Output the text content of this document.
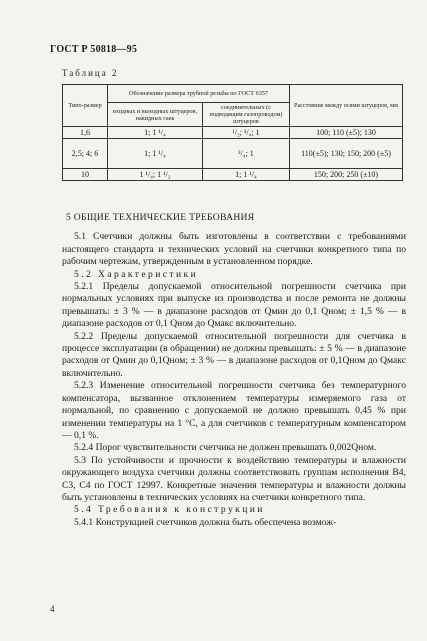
ГОСТ Р 50818—95
Таблица 2
Типо-размер	Обозначение размера трубной резьбы по ГОСТ 6357		Расстояние между осями штуцеров, мм
	входных и выходных штуцеров, накидных гаек	соединительных (с подводящим газопроводом) штуцеров	
1,6	1; 1 ¹/₄	¹/₂; ³/₄; 1	100; 110 (±5); 130
2,5; 4; 6	1; 1 ¹/₄	³/₄; 1	110(±5); 130; 150; 200 (±5)
10	1 ¹/₄; 1 ¹/₂	1; 1 ¹/₄	150; 200; 250 (±10)

5 ОБЩИЕ ТЕХНИЧЕСКИЕ ТРЕБОВАНИЯ

5.1 Счетчики должны быть изготовлены в соответствии с требованиями настоящего стандарта и технических условий на счетчики конкретного типа по рабочим чертежам, утвержденным в установленном порядке.

5.2 Характеристики

5.2.1 Пределы допускаемой относительной погрешности счетчика при нормальных условиях при выпуске из производства и после ремонта не должны превышать: ± 3 % — в диапазоне расходов от Qмин до 0,1 Qном; ± 1,5 % — в диапазоне расходов от 0,1 Qном до Qмакс включительно.

5.2.2 Пределы допускаемой относительной погрешности для счетчика в процессе эксплуатации (в обращении) не должны превышать: ± 5 % — в диапазоне расходов от Qмин до 0,1Qном; ± 3 % — в диапазоне расходов от 0,1Qном до Qмакс включительно.

5.2.3 Изменение относительной погрешности счетчика без температурного компенсатора, вызванное отклонением температуры измеряемого газа от нормальной, по сравнению с допускаемой не должно превышать 0,45 % при изменении температуры на 1 °С, а для счетчиков с температурным компенсатором — 0,1 %.

5.2.4 Порог чувствительности счетчика не должен превышать 0,002Qном.

5.3 По устойчивости и прочности к воздействию температуры и влажности окружающего воздуха счетчики должны соответствовать группам исполнения В4, С3, С4 по ГОСТ 12997. Конкретные значения температуры и влажности должны быть установлены в технических условиях на счетчики конкретного типа.

5.4 Требования к конструкции

5.4.1 Конструкцией счетчиков должна быть обеспечена возмож-

4
